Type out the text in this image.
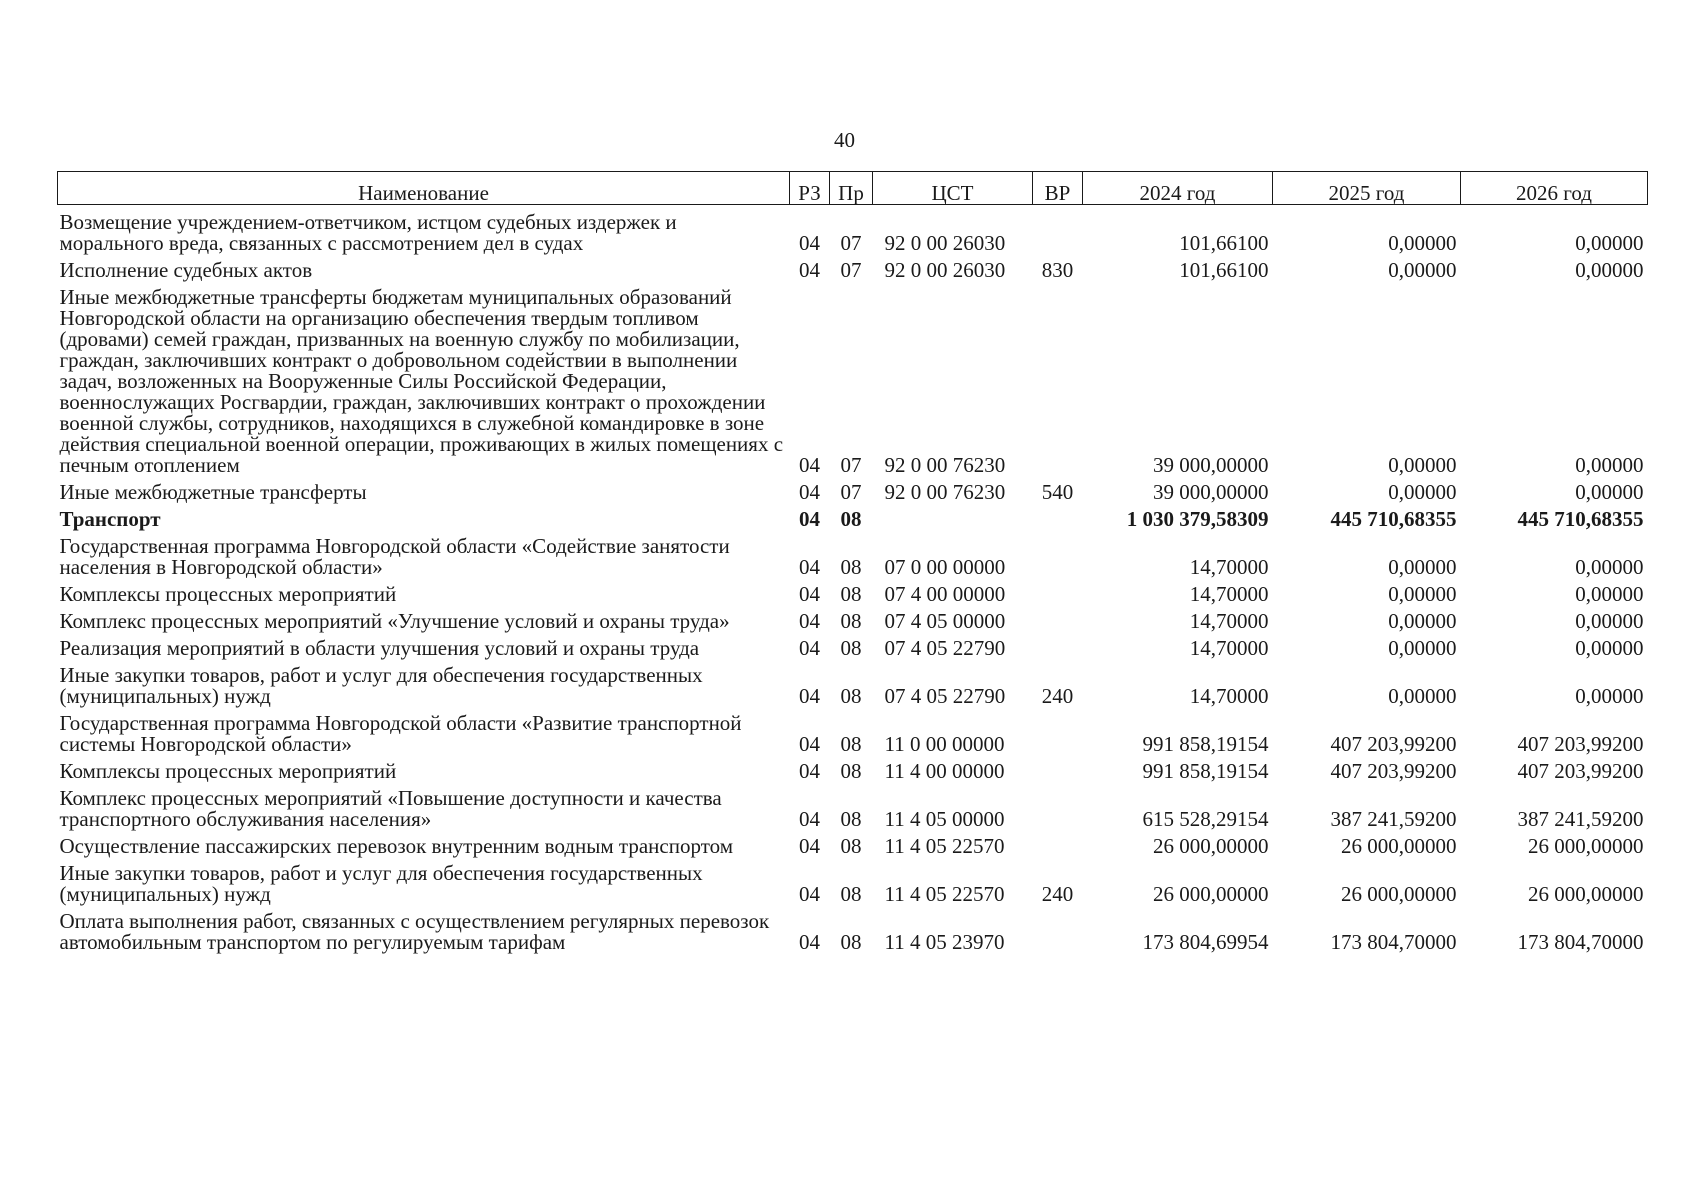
40
Наименование	РЗ	Пр	ЦСТ	ВР	2024 год	2025 год	2026 год
Возмещение учреждением-ответчиком, истцом судебных издержек и морального вреда, связанных с рассмотрением дел в судах	04	07	92 0 00 26030		101,66100	0,00000	0,00000
Исполнение судебных актов	04	07	92 0 00 26030	830	101,66100	0,00000	0,00000
Иные межбюджетные трансферты бюджетам муниципальных образований Новгородской области на организацию обеспечения твердым топливом (дровами) семей граждан, призванных на военную службу по мобилизации, граждан, заключивших контракт о добровольном содействии в выполнении задач, возложенных на Вооруженные Силы Российской Федерации, военнослужащих Росгвардии, граждан, заключивших контракт о прохождении военной службы, сотрудников, находящихся в служебной командировке в зоне действия специальной военной операции, проживающих в жилых помещениях с печным отоплением	04	07	92 0 00 76230		39 000,00000	0,00000	0,00000
Иные межбюджетные трансферты	04	07	92 0 00 76230	540	39 000,00000	0,00000	0,00000
Транспорт	04	08			1 030 379,58309	445 710,68355	445 710,68355
Государственная программа Новгородской области «Содействие занятости населения в Новгородской области»	04	08	07 0 00 00000		14,70000	0,00000	0,00000
Комплексы процессных мероприятий	04	08	07 4 00 00000		14,70000	0,00000	0,00000
Комплекс процессных мероприятий «Улучшение условий и охраны труда»	04	08	07 4 05 00000		14,70000	0,00000	0,00000
Реализация мероприятий в области улучшения условий и охраны труда	04	08	07 4 05 22790		14,70000	0,00000	0,00000
Иные закупки товаров, работ и услуг для обеспечения государственных (муниципальных) нужд	04	08	07 4 05 22790	240	14,70000	0,00000	0,00000
Государственная программа Новгородской области «Развитие транспортной системы Новгородской области»	04	08	11 0 00 00000		991 858,19154	407 203,99200	407 203,99200
Комплексы процессных мероприятий	04	08	11 4 00 00000		991 858,19154	407 203,99200	407 203,99200
Комплекс процессных мероприятий «Повышение доступности и качества транспортного обслуживания населения»	04	08	11 4 05 00000		615 528,29154	387 241,59200	387 241,59200
Осуществление пассажирских перевозок внутренним водным транспортом	04	08	11 4 05 22570		26 000,00000	26 000,00000	26 000,00000
Иные закупки товаров, работ и услуг для обеспечения государственных (муниципальных) нужд	04	08	11 4 05 22570	240	26 000,00000	26 000,00000	26 000,00000
Оплата выполнения работ, связанных с осуществлением регулярных перевозок автомобильным транспортом по регулируемым тарифам	04	08	11 4 05 23970		173 804,69954	173 804,70000	173 804,70000
